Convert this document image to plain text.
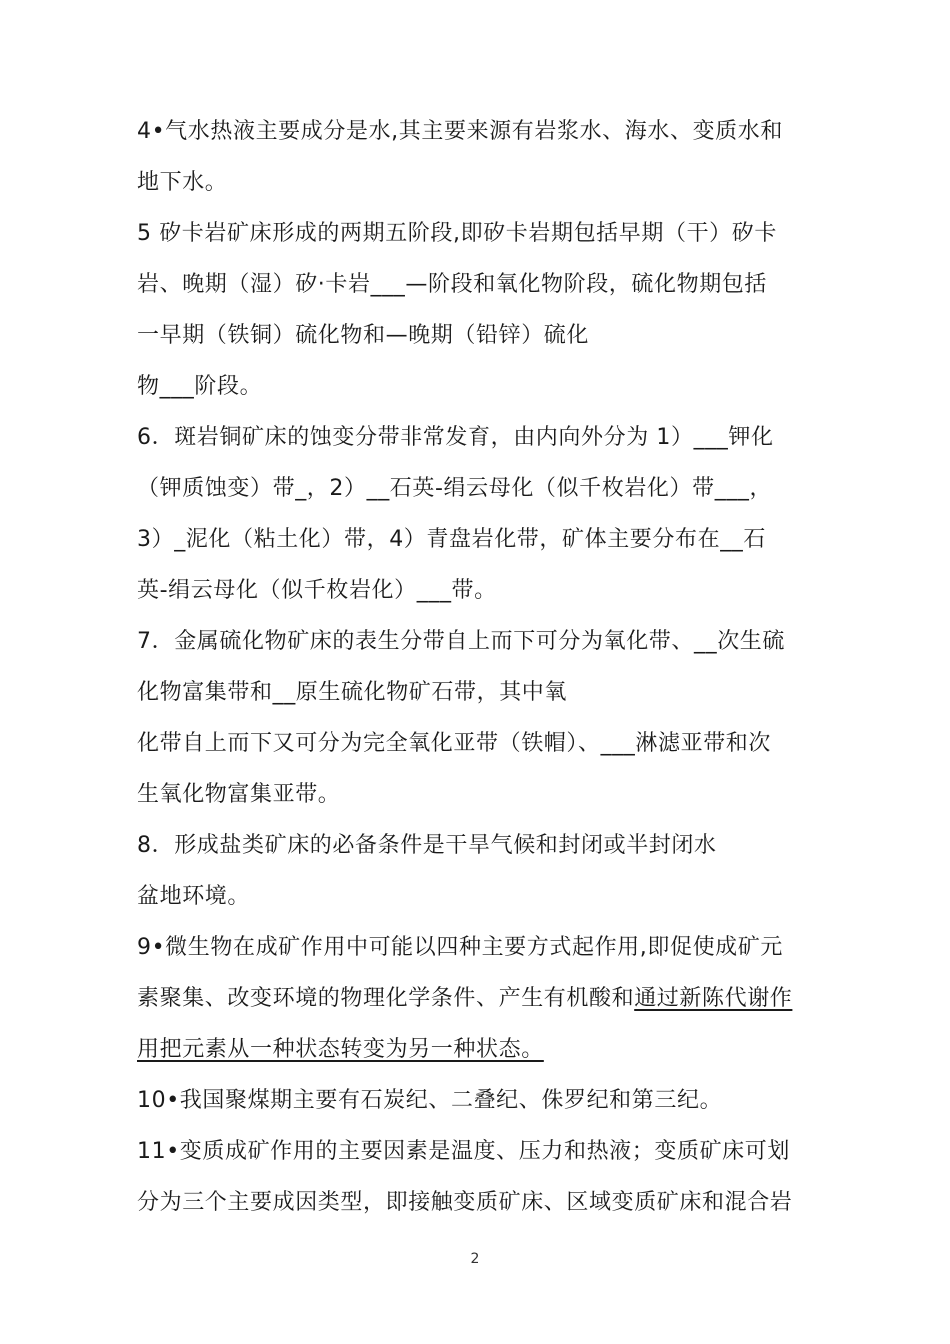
4•气水热液主要成分是水,其主要来源有岩浆水、海水、变质水和
地下水。
5 矽卡岩矿床形成的两期五阶段,即矽卡岩期包括早期（干）矽卡
岩、晚期（湿）矽·卡岩___—阶段和氧化物阶段，硫化物期包括
一早期（铁铜）硫化物和—晚期（铅锌）硫化
物___阶段。
6．斑岩铜矿床的蚀变分带非常发育，由内向外分为 1）___钾化
（钾质蚀变）带_，2）__石英-绢云母化（似千枚岩化）带___，
3）_泥化（粘土化）带，4）青盘岩化带，矿体主要分布在__石
英-绢云母化（似千枚岩化）___带。
7．金属硫化物矿床的表生分带自上而下可分为氧化带、__次生硫
化物富集带和__原生硫化物矿石带，其中氧
化带自上而下又可分为完全氧化亚带（铁帽）、___淋滤亚带和次
生氧化物富集亚带。
8．形成盐类矿床的必备条件是干旱气候和封闭或半封闭水
盆地环境。
9•微生物在成矿作用中可能以四种主要方式起作用,即促使成矿元
素聚集、改变环境的物理化学条件、产生有机酸和通过新陈代谢作
用把元素从一种状态转变为另一种状态。
10•我国聚煤期主要有石炭纪、二叠纪、侏罗纪和第三纪。
11•变质成矿作用的主要因素是温度、压力和热液；变质矿床可划
分为三个主要成因类型，即接触变质矿床、区域变质矿床和混合岩
2
